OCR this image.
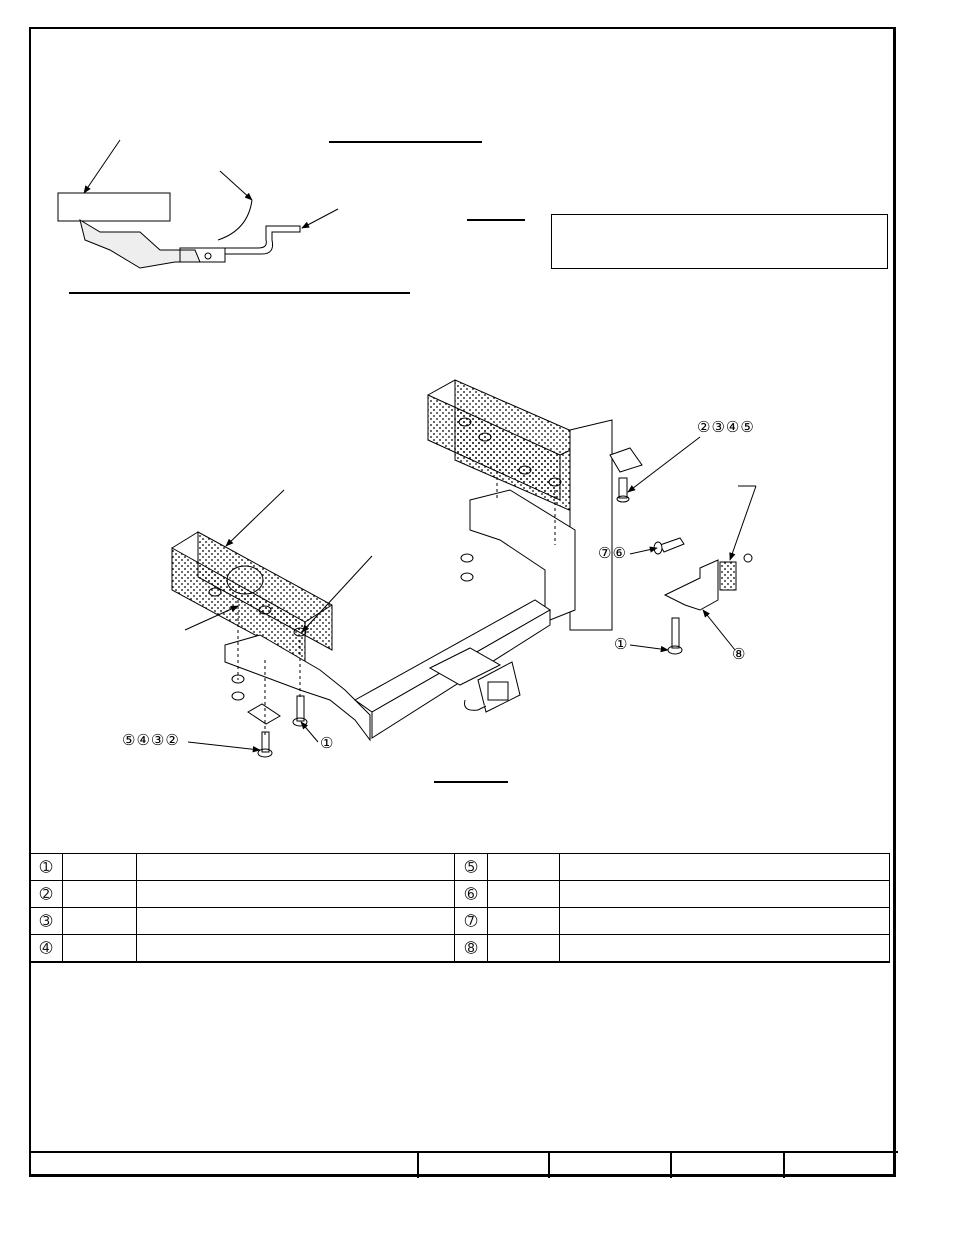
②③④⑤
⑦⑥
①
⑧
①
⑤④③②
➀			➄		
➁			➅		
➂			➆		
➃			➇		
